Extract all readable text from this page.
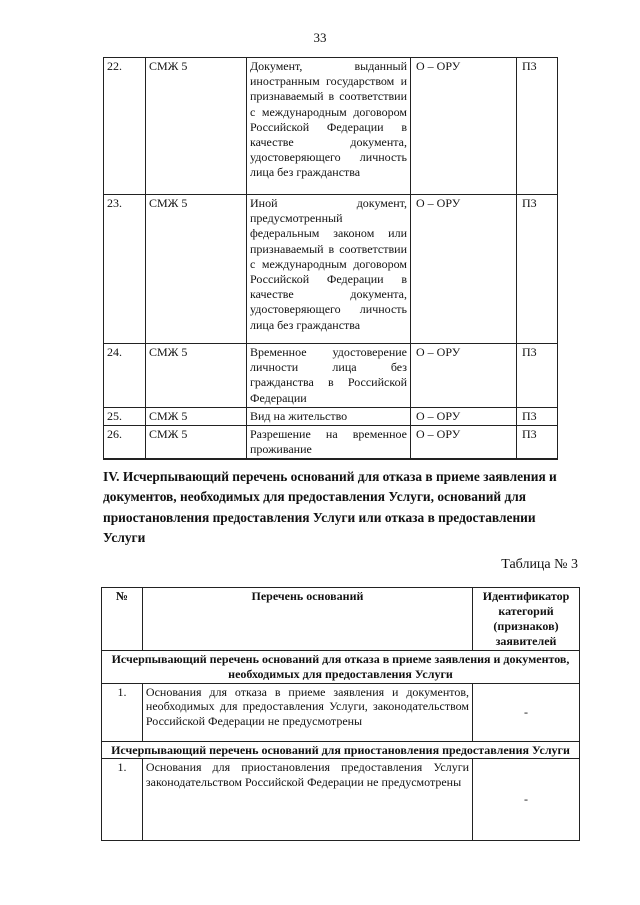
33
22.	СМЖ 5	Документ, выданный иностранным государством и признаваемый в соответствии с международным договором Российской Федерации в качестве документа, удостоверяющего личность лица без гражданства	О – ОРУ	П3
23.	СМЖ 5	Иной документ, предусмотренный федеральным законом или признаваемый в соответствии с международным договором Российской Федерации в качестве документа, удостоверяющего личность лица без гражданства	О – ОРУ	П3
24.	СМЖ 5	Временное удостоверение личности лица без гражданства в Российской Федерации	О – ОРУ	П3
25.	СМЖ 5	Вид на жительство	О – ОРУ	П3
26.	СМЖ 5	Разрешение на временное проживание	О – ОРУ	П3
IV. Исчерпывающий перечень оснований для отказа в приеме заявления и документов, необходимых для предоставления Услуги, оснований для приостановления предоставления Услуги или отказа в предоставлении Услуги
Таблица № 3
№	Перечень оснований	Идентификатор категорий (признаков) заявителей
Исчерпывающий перечень оснований для отказа в приеме заявления и документов, необходимых для предоставления Услуги		
1.	Основания для отказа в приеме заявления и документов, необходимых для предоставления Услуги, законодательством Российской Федерации не предусмотрены	-
Исчерпывающий перечень оснований для приостановления предоставления Услуги		
1.	Основания для приостановления предоставления Услуги законодательством Российской Федерации не предусмотрены	-
